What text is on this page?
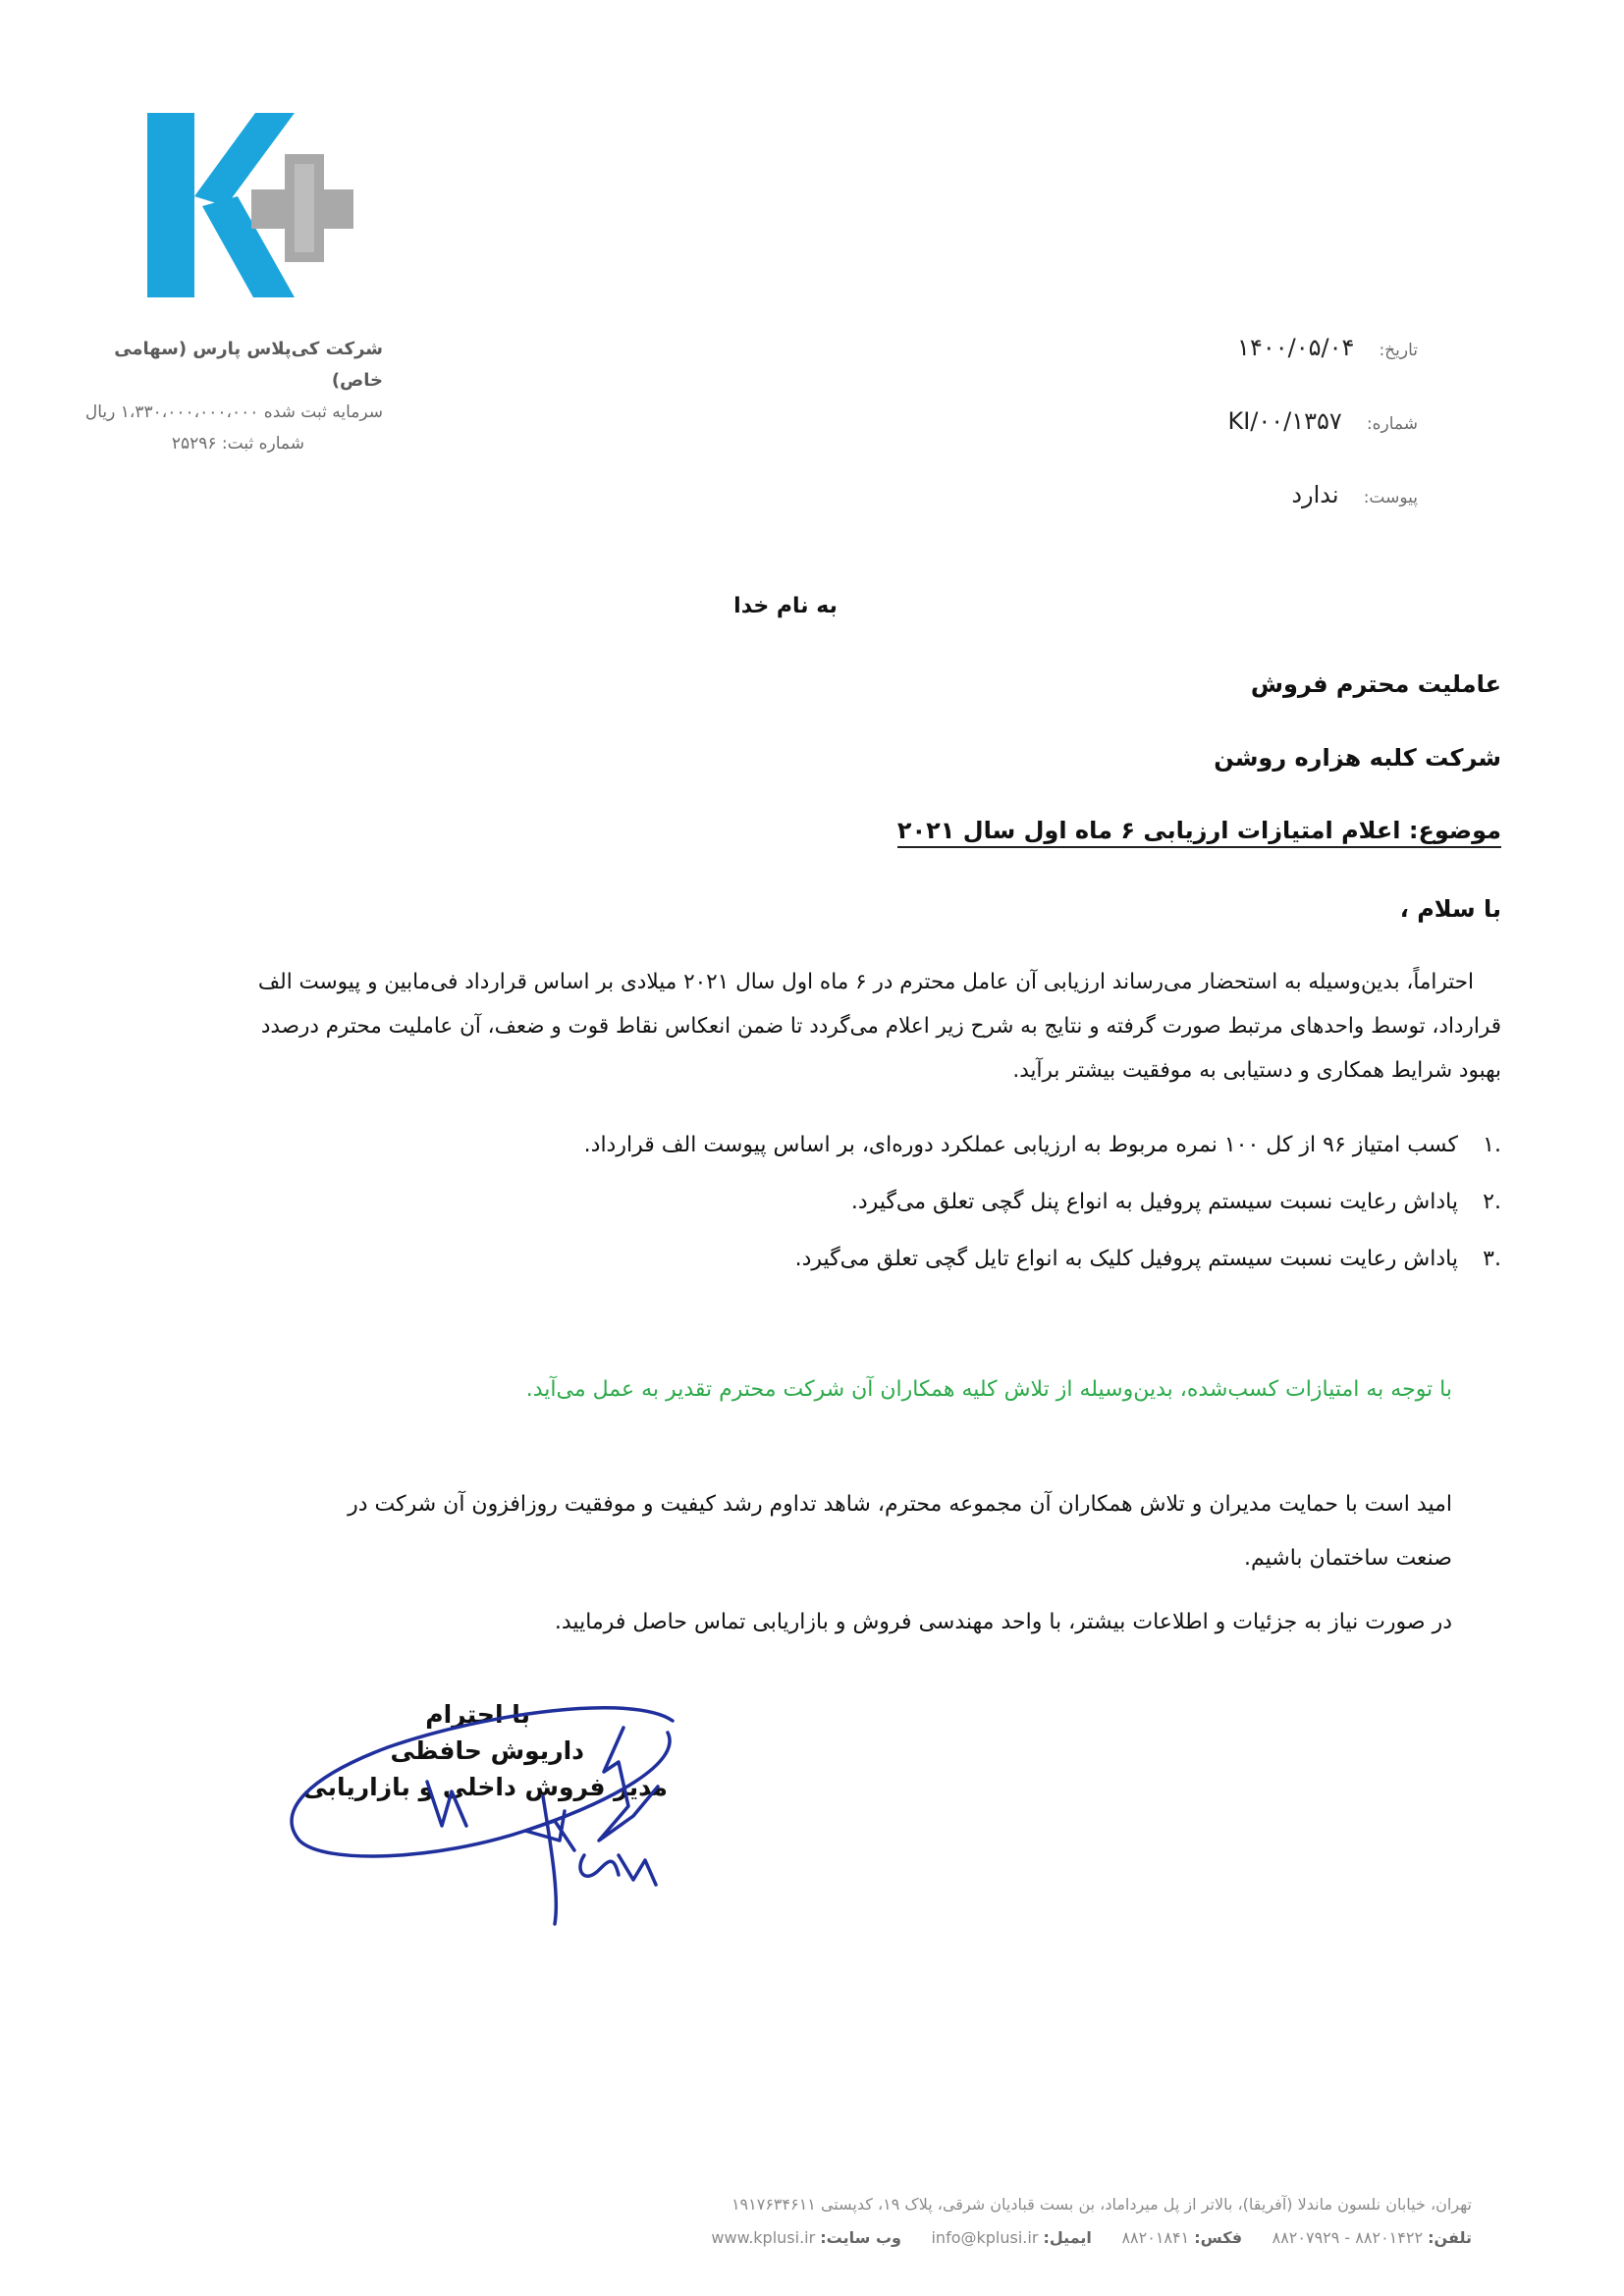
شرکت کی‌پلاس پارس (سهامی خاص)
سرمایه ثبت شده ۱،۳۳۰،۰۰۰،۰۰۰،۰۰۰ ریال
شماره ثبت: ۲۵۲۹۶
تاریخ: ۱۴۰۰/۰۵/۰۴
شماره: ۱۳۵۷/KI/۰۰
پیوست: ندارد
به نام خدا
عاملیت محترم فروش
شرکت کلبه هزاره روشن
موضوع: اعلام امتیازات ارزیابی ۶ ماه اول سال ۲۰۲۱
با سلام ،
احتراماً، بدین‌وسیله به استحضار می‌رساند ارزیابی آن عامل محترم در ۶ ماه اول سال ۲۰۲۱ میلادی بر اساس قرارداد فی‌مابین و پیوست الف
قرارداد، توسط واحدهای مرتبط صورت گرفته و نتایج به شرح زیر اعلام می‌گردد تا ضمن انعکاس نقاط قوت و ضعف، آن عاملیت محترم درصدد
بهبود شرایط همکاری و دستیابی به موفقیت بیشتر برآید.
.۱کسب امتیاز ۹۶ از کل ۱۰۰ نمره مربوط به ارزیابی عملکرد دوره‌ای، بر اساس پیوست الف قرارداد.
.۲پاداش رعایت نسبت سیستم پروفیل به انواع پنل گچی تعلق می‌گیرد.
.۳پاداش رعایت نسبت سیستم پروفیل کلیک به انواع تایل گچی تعلق می‌گیرد.
با توجه به امتیازات کسب‌شده، بدین‌وسیله از تلاش کلیه همکاران آن شرکت محترم تقدیر به عمل می‌آید.
امید است با حمایت مدیران و تلاش همکاران آن مجموعه محترم، شاهد تداوم رشد کیفیت و موفقیت روزافزون آن شرکت در
صنعت ساختمان باشیم.
در صورت نیاز به جزئیات و اطلاعات بیشتر، با واحد مهندسی فروش و بازاریابی تماس حاصل فرمایید.
با احترام
داریوش حافظی
مدیر فروش داخلی و بازاریابی
تهران، خیابان نلسون ماندلا (آفریقا)، بالاتر از پل میرداماد، بن بست قبادیان شرقی، پلاک ۱۹، کدپستی ۱۹۱۷۶۳۴۶۱۱
تلفن: ۸۸۲۰۱۴۲۲ - ۸۸۲۰۷۹۲۹      فکس: ۸۸۲۰۱۸۴۱      ایمیل: info@kplusi.ir      وب سایت: www.kplusi.ir
